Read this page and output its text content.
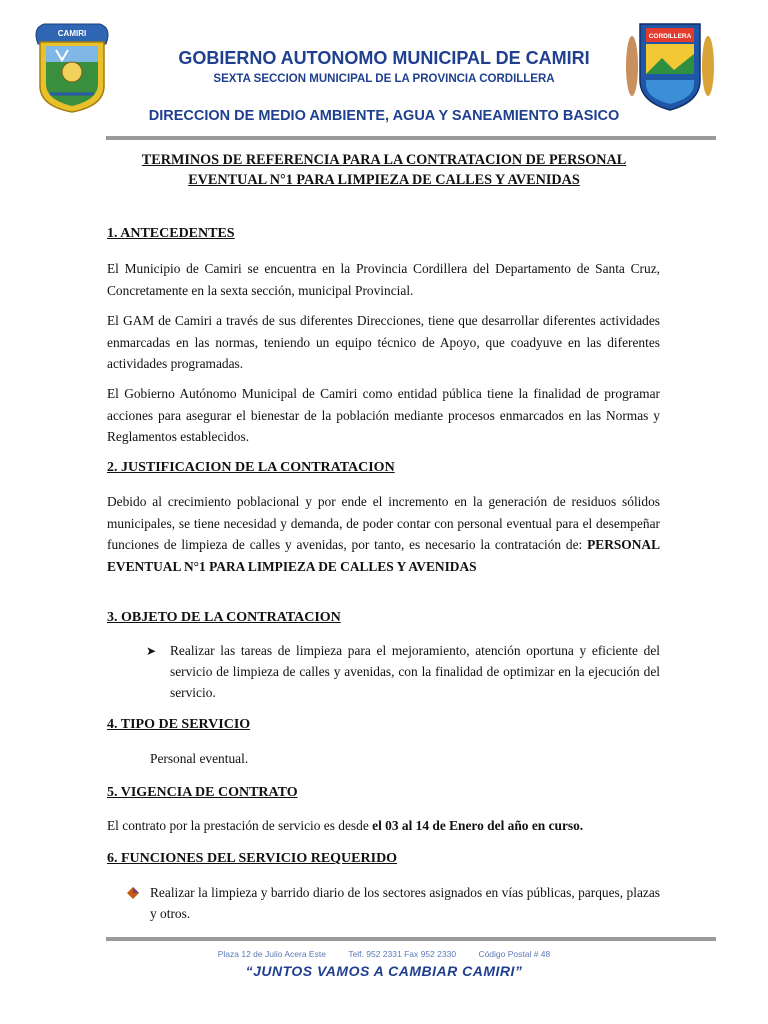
CAMIRI	CORDILLERA
GOBIERNO AUTONOMO MUNICIPAL DE CAMIRI
SEXTA SECCION MUNICIPAL DE LA PROVINCIA CORDILLERA
DIRECCION DE MEDIO AMBIENTE, AGUA Y SANEAMIENTO BASICO
TERMINOS DE REFERENCIA PARA LA CONTRATACION DE PERSONAL
EVENTUAL N°1 PARA LIMPIEZA DE CALLES Y AVENIDAS
1. ANTECEDENTES
El Municipio de Camiri se encuentra en la Provincia Cordillera del Departamento de Santa Cruz, Concretamente en la sexta sección, municipal Provincial.
El GAM de Camiri a través de sus diferentes Direcciones, tiene que desarrollar diferentes actividades enmarcadas en las normas, teniendo un equipo técnico de Apoyo, que coadyuve en las diferentes actividades programadas.
El Gobierno Autónomo Municipal de Camiri como entidad pública tiene la finalidad de programar acciones para asegurar el bienestar de la población mediante procesos enmarcados en las Normas y Reglamentos establecidos.
2. JUSTIFICACION DE LA CONTRATACION
Debido al crecimiento poblacional y por ende el incremento en la generación de residuos sólidos municipales, se tiene necesidad y demanda, de poder contar con personal eventual para el desempeñar funciones de limpieza de calles y avenidas, por tanto, es necesario la contratación de: PERSONAL EVENTUAL N°1 PARA LIMPIEZA DE CALLES Y AVENIDAS
3. OBJETO DE LA CONTRATACION
➤ Realizar las tareas de limpieza para el mejoramiento, atención oportuna y eficiente del servicio de limpieza de calles y avenidas, con la finalidad de optimizar en la ejecución del servicio.
4. TIPO DE SERVICIO
Personal eventual.
5. VIGENCIA DE CONTRATO
El contrato por la prestación de servicio es desde el 03 al 14 de Enero del año en curso.
6. FUNCIONES DEL SERVICIO REQUERIDO
Realizar la limpieza y barrido diario de los sectores asignados en vías públicas, parques, plazas y otros.
Plaza 12 de Julio Acera Este	Telf. 952 2331 Fax 952 2330	Código Postal # 48
“JUNTOS VAMOS A CAMBIAR CAMIRI”
